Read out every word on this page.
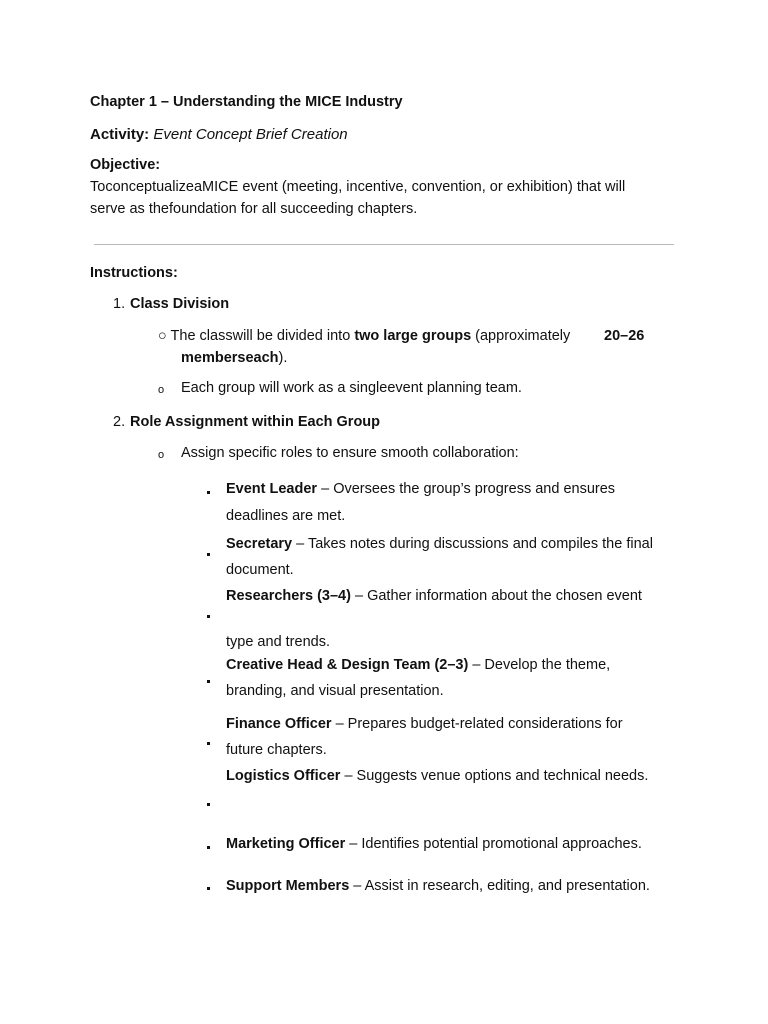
Chapter 1 – Understanding the MICE Industry
Activity: Event Concept Brief Creation
Objective:
ToconceptualizeaMICE event (meeting, incentive, convention, or exhibition) that will
serve as thefoundation for all succeeding chapters.
Instructions:
1. Class Division
○ The classwill be divided into two large groups (approximately 20–26
memberseach).
o Each group will work as a singleevent planning team.
2. Role Assignment within Each Group
o Assign specific roles to ensure smooth collaboration:
Event Leader – Oversees the group’s progress and ensures
deadlines are met.
Secretary – Takes notes during discussions and compiles the final
document.
Researchers (3–4) – Gather information about the chosen event
type and trends.
Creative Head & Design Team (2–3) – Develop the theme,
branding, and visual presentation.
Finance Officer – Prepares budget-related considerations for
future chapters.
Logistics Officer – Suggests venue options and technical needs.
Marketing Officer – Identifies potential promotional approaches.
Support Members – Assist in research, editing, and presentation.
